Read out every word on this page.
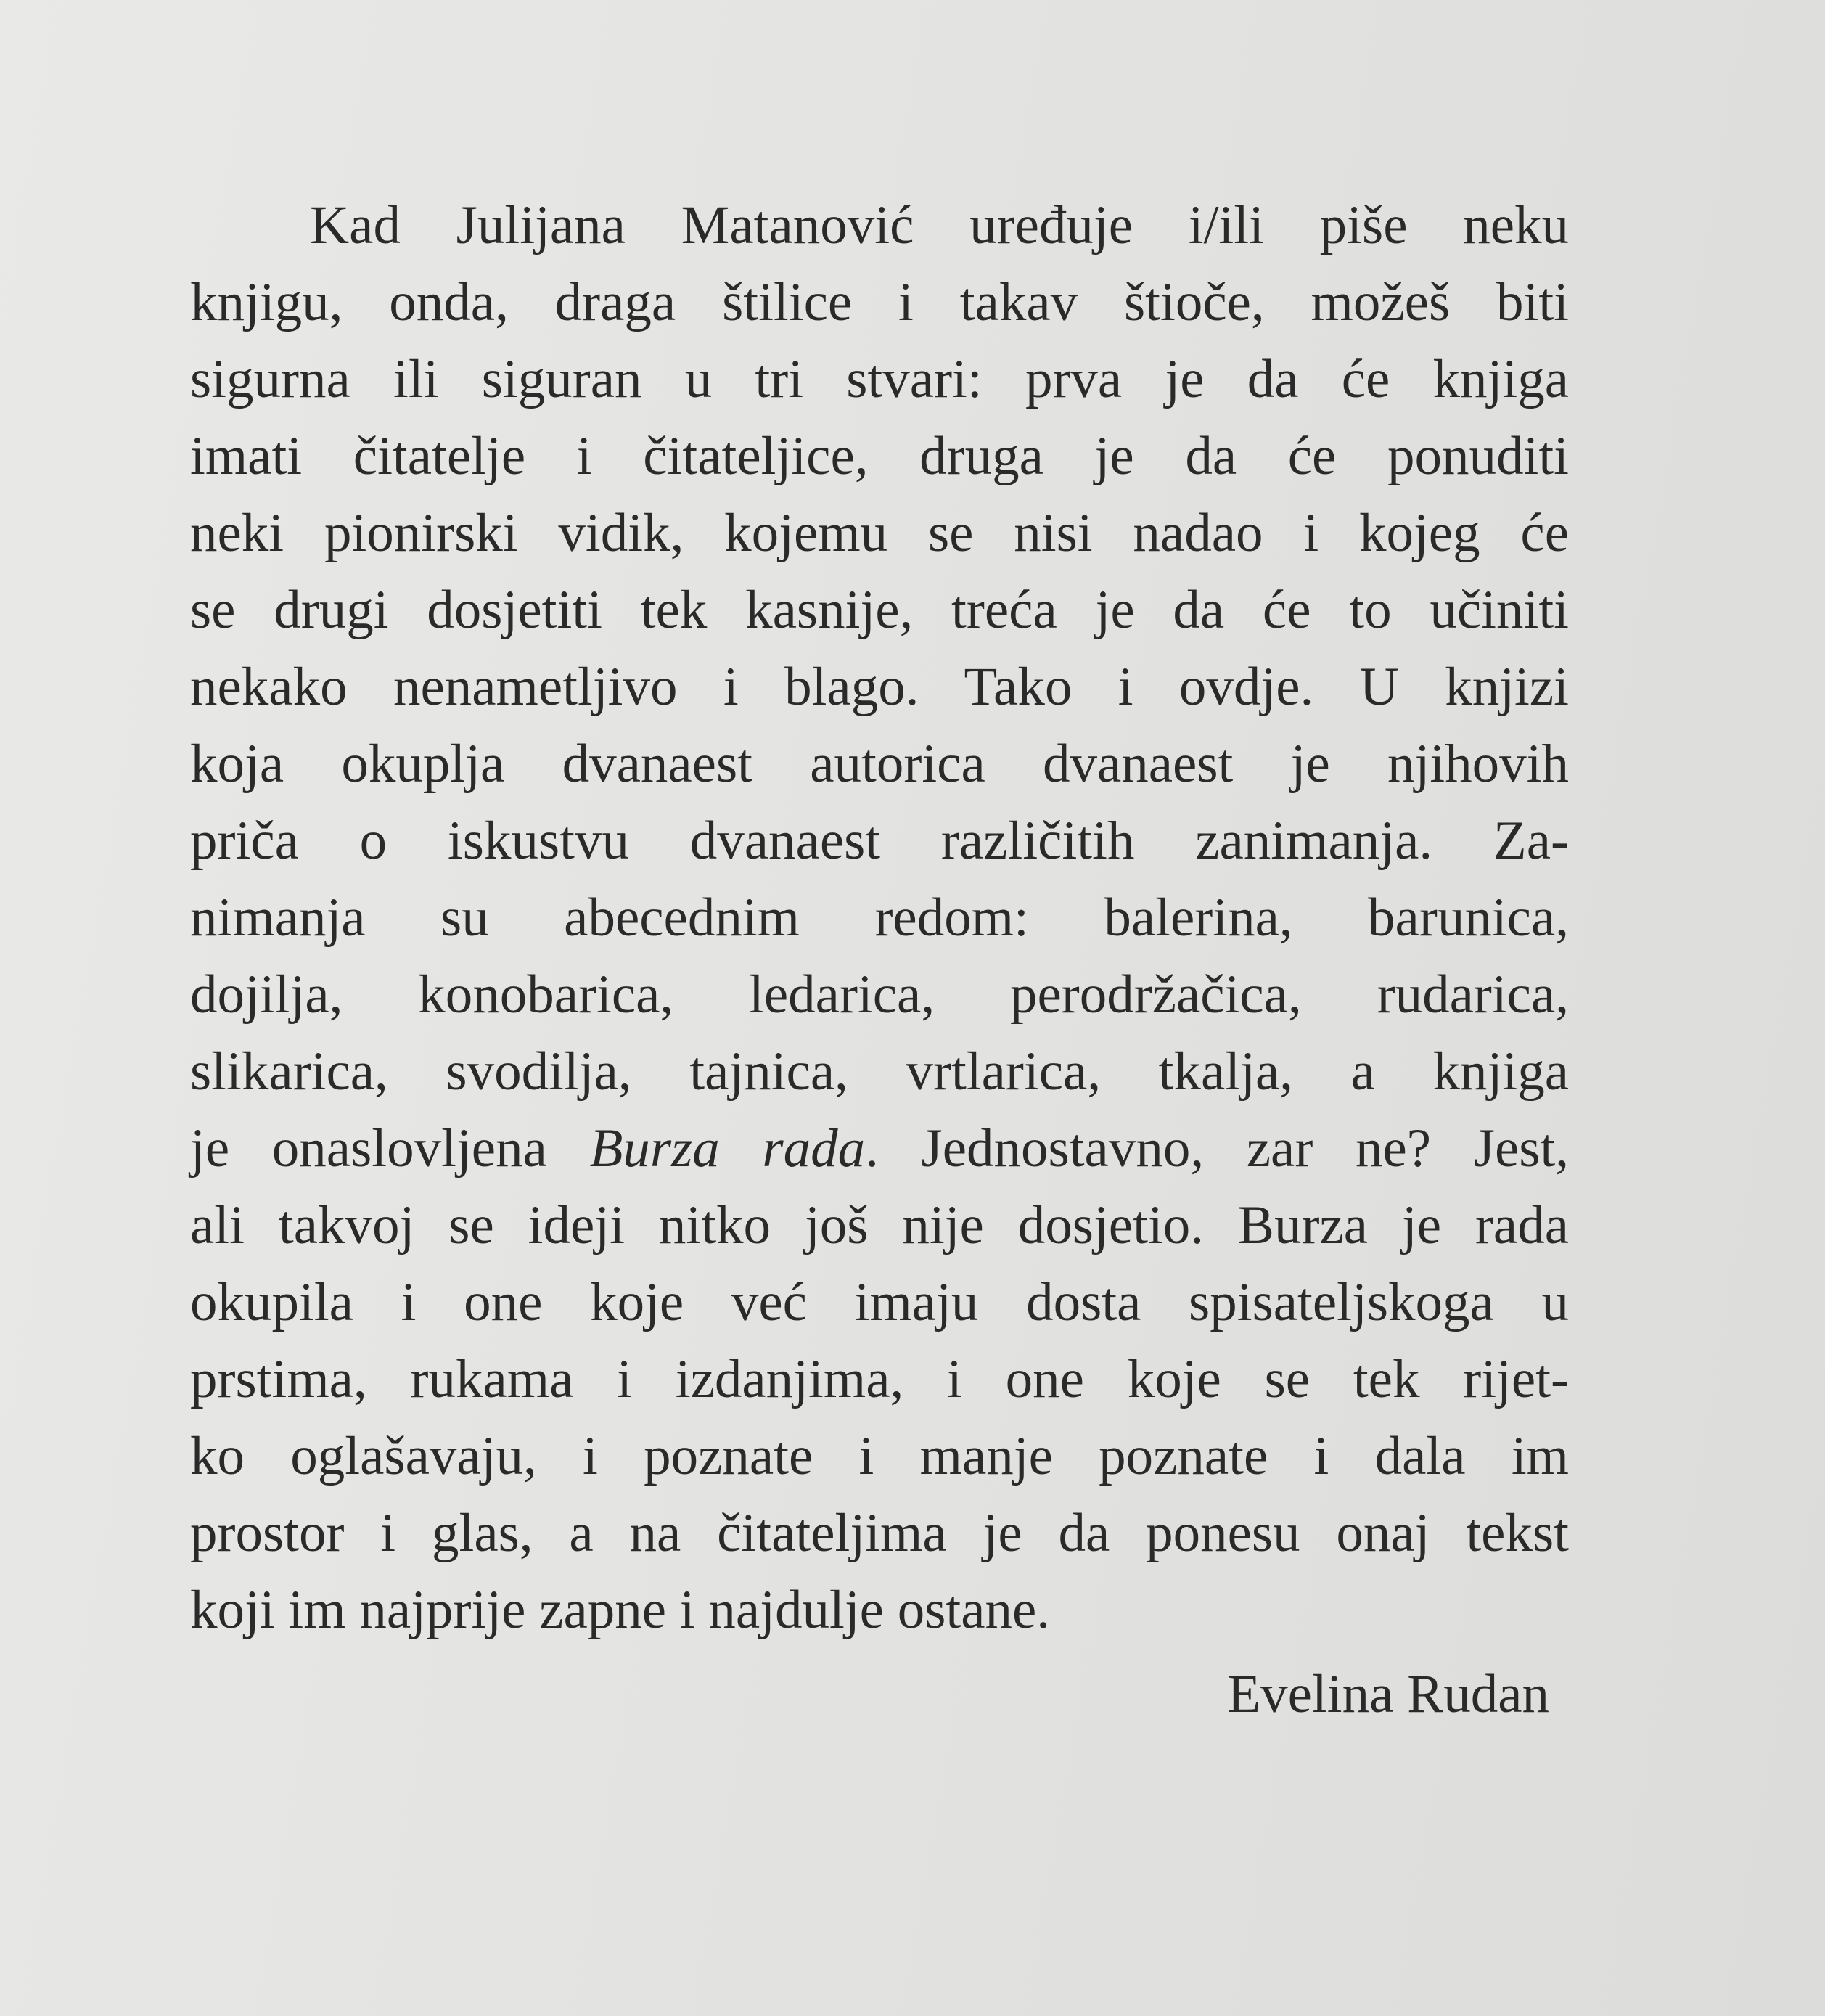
Kad Julijana Matanović uređuje i/ili piše neku
knjigu, onda, draga štilice i takav štioče, možeš biti
sigurna ili siguran u tri stvari: prva je da će knjiga
imati čitatelje i čitateljice, druga je da će ponuditi
neki pionirski vidik, kojemu se nisi nadao i kojeg će
se drugi dosjetiti tek kasnije, treća je da će to učiniti
nekako nenametljivo i blago. Tako i ovdje. U knjizi
koja okuplja dvanaest autorica dvanaest je njihovih
priča o iskustvu dvanaest različitih zanimanja. Za-
nimanja su abecednim redom: balerina, barunica,
dojilja, konobarica, ledarica, perodržačica, rudarica,
slikarica, svodilja, tajnica, vrtlarica, tkalja, a knjiga
je onaslovljena Burza rada. Jednostavno, zar ne? Jest,
ali takvoj se ideji nitko još nije dosjetio. Burza je rada
okupila i one koje već imaju dosta spisateljskoga u
prstima, rukama i izdanjima, i one koje se tek rijet-
ko oglašavaju, i poznate i manje poznate i dala im
prostor i glas, a na čitateljima je da ponesu onaj tekst
koji im najprije zapne i najdulje ostane.
Evelina Rudan
